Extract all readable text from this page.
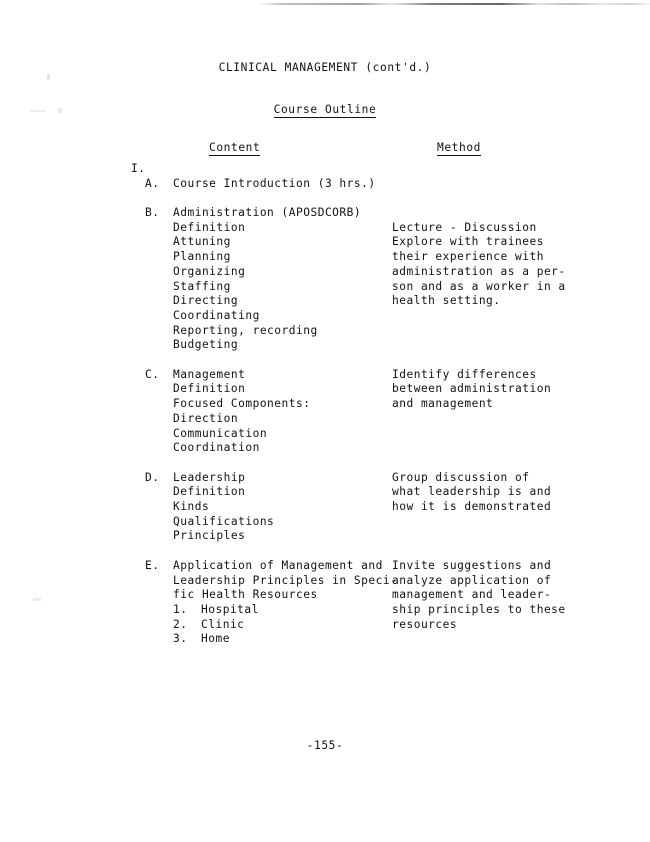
CLINICAL MANAGEMENT (cont'd.)
Course Outline
Content	Method
I.
A. Course Introduction (3 hrs.)
B. Administration (APOSDCORB)
Definition
Attuning
Planning
Organizing
Staffing
Directing
Coordinating
Reporting, recording
Budgeting
Lecture - Discussion
Explore with trainees
their experience with
administration as a per-
son and as a worker in a
health setting.
C. Management
Definition
Focused Components:
Direction
Communication
Coordination
Identify differences
between administration
and management
D. Leadership
Definition
Kinds
Qualifications
Principles
Group discussion of
what leadership is and
how it is demonstrated
E. Application of Management and
Leadership Principles in Speci-
fic Health Resources
1. Hospital
2. Clinic
3. Home
Invite suggestions and
analyze application of
management and leader-
ship principles to these
resources
-155-
